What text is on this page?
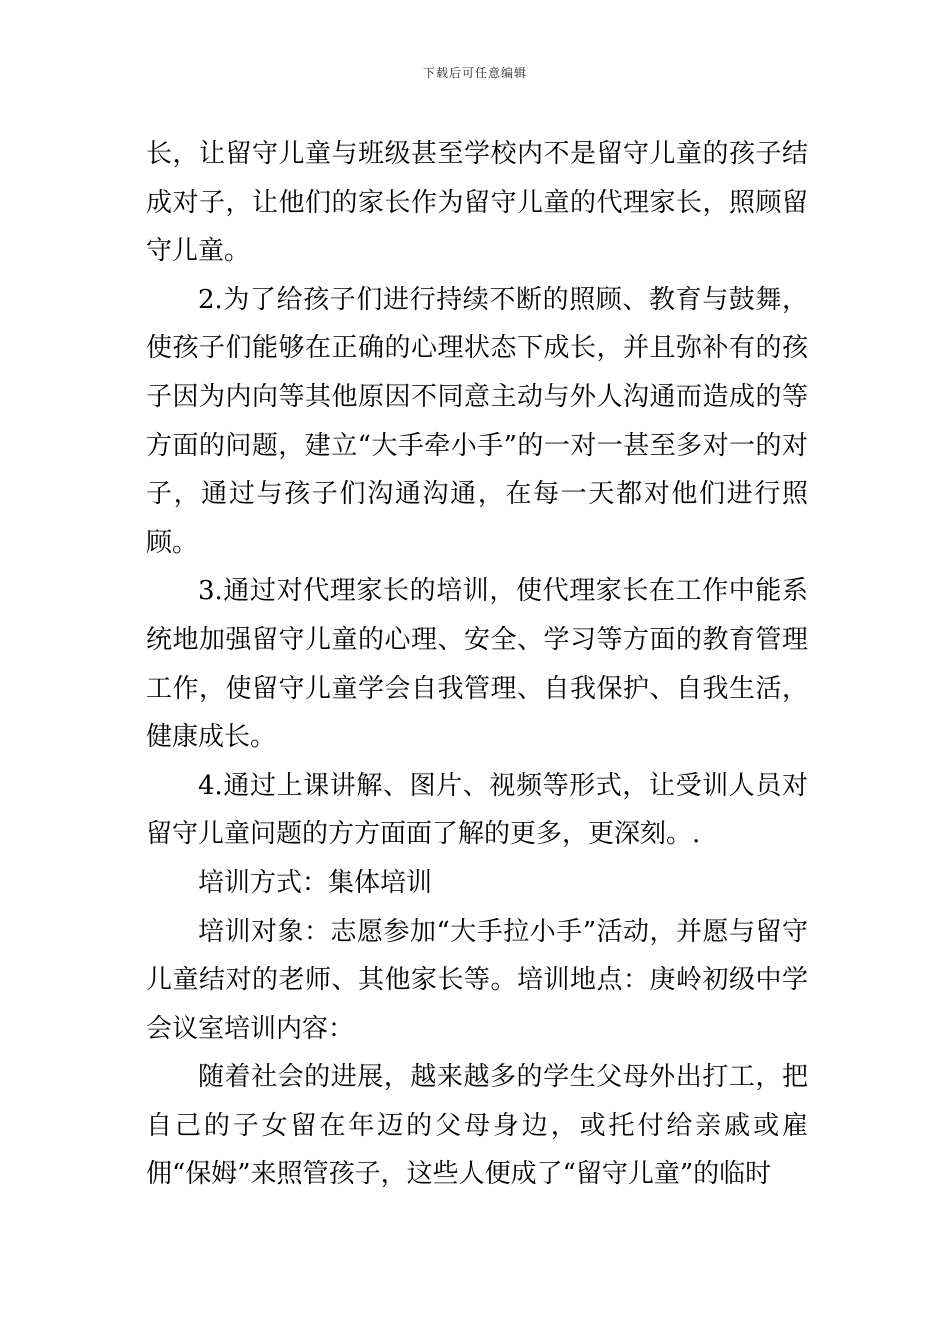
下载后可任意编辑

长，让留守儿童与班级甚至学校内不是留守儿童的孩子结成对子，让他们的家长作为留守儿童的代理家长，照顾留守儿童。

2.为了给孩子们进行持续不断的照顾、教育与鼓舞，使孩子们能够在正确的心理状态下成长，并且弥补有的孩子因为内向等其他原因不同意主动与外人沟通而造成的等方面的问题，建立“大手牵小手”的一对一甚至多对一的对子，通过与孩子们沟通沟通，在每一天都对他们进行照顾。

3.通过对代理家长的培训，使代理家长在工作中能系统地加强留守儿童的心理、安全、学习等方面的教育管理工作，使留守儿童学会自我管理、自我保护、自我生活，健康成长。

4.通过上课讲解、图片、视频等形式，让受训人员对留守儿童问题的方方面面了解的更多，更深刻。.

培训方式：集体培训

培训对象：志愿参加“大手拉小手”活动，并愿与留守儿童结对的老师、其他家长等。培训地点：庚岭初级中学会议室培训内容：

随着社会的进展，越来越多的学生父母外出打工，把自己的子女留在年迈的父母身边，或托付给亲戚或雇佣“保姆”来照管孩子，这些人便成了“留守儿童”的临时
